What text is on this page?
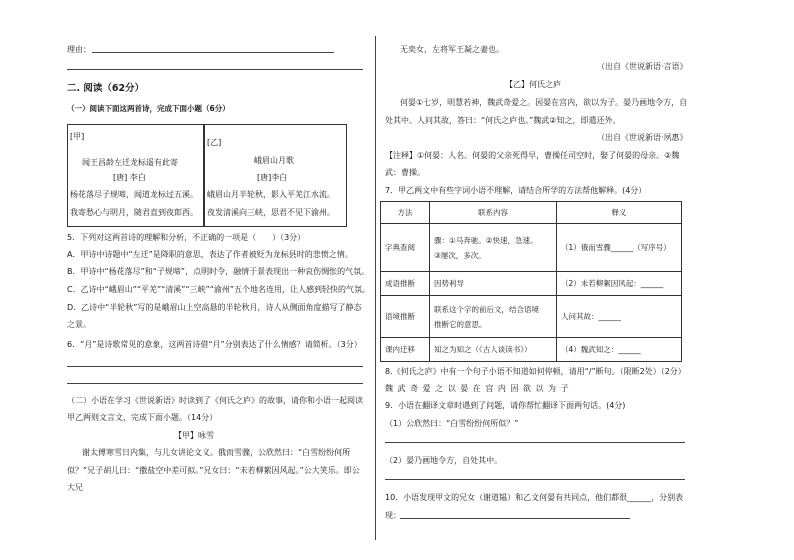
理由：
二. 阅读（62分）
（一）阅读下面这两首诗，完成下面小题（6分）
[甲]
闻王昌龄左迁龙标遥有此寄
[唐] 李白
杨花落尽子规啼，闻道龙标过五溪。
我寄愁心与明月，随君直到夜郎西。
[乙]
峨眉山月歌
[唐]李白
峨眉山月半轮秋，影入平羌江水流。
夜发清溪向三峡，思君不见下渝州。
5．下列对这两首诗的理解和分析，不正确的一项是（　　）（3分）
A．甲诗中诗题中“左迁”是降职的意思，表达了作者被贬为龙标县时的悲愤之情。
B．甲诗中“杨花落尽”和“子规啼”，点明时令，融情于景表现出一种哀伤惆怅的气氛。
C．乙诗中“峨眉山”“平羌”“清溪”“三峡”“渝州”五个地名连用，让人感到轻快的气氛。
D．乙诗中“半轮秋”写的是峨眉山上空高悬的半轮秋月，诗人从侧面角度描写了静态
之景。
6．“月”是诗歌常见的意象，这两首诗借“月”分别表达了什么情感？请简析。（3分）
（二）小语在学习《世说新语》时读到了《何氏之庐》的故事，请你和小语一起阅读
甲乙两则文言文，完成下面小题。（14分）
【甲】咏雪
谢太傅寒雪日内集，与儿女讲论文义。俄而雪骤，公欣然曰：“白雪纷纷何所
似？”兄子胡儿曰：“撒盐空中差可拟。”兄女曰：“未若柳絮因风起。”公大笑乐。即公
大兄
无奕女，左将军王凝之妻也。
（出自《世说新语·言语》
【乙】何氏之庐
何晏①七岁，明慧若神，魏武奇爱之。因晏在宫内，欲以为子。晏乃画地令方，自
处其中。人问其故，答曰：“何氏之庐也。”魏武②知之，即遣还外。
（出自《世说新语·夙惠》
【注释】①何晏：人名。何晏的父亲死得早，曹操任司空时，娶了何晏的母亲。②魏
武：曹操。
7．甲乙两文中有些字词小语不理解，请结合所学的方法帮他解释。(4分）
方法	联系内容	释义
字典查阅	骤：①马奔驰。②快速，急速。
③屡次，多次。	（1）俄而雪骤______（写序号）
成语推断	因势利导	（2）未若柳絮因风起：______
语境推断	联系这个字的前后文，结合语境
推断它的意思。	人问其故：______
课内迁移	知之为知之（《古人谈读书》）	（4）魏武知之：______
8.《何氏之庐》中有一个句子小语不知道如何停顿，请用“/”断句。（限断2处）（2分）
魏 武 奇 爱 之 以 晏 在 宫 内 因 欲 以 为 子
9．小语在翻译文章时遇到了问题，请你帮忙翻译下面两句话。(4分)
（1）公欣然曰：“白雪纷纷何所似？”
（2）晏乃画地令方，自处其中。
10．小语发现甲文的兄女（谢道韫）和乙文何晏有共同点，他们都很______，分别表
现：
